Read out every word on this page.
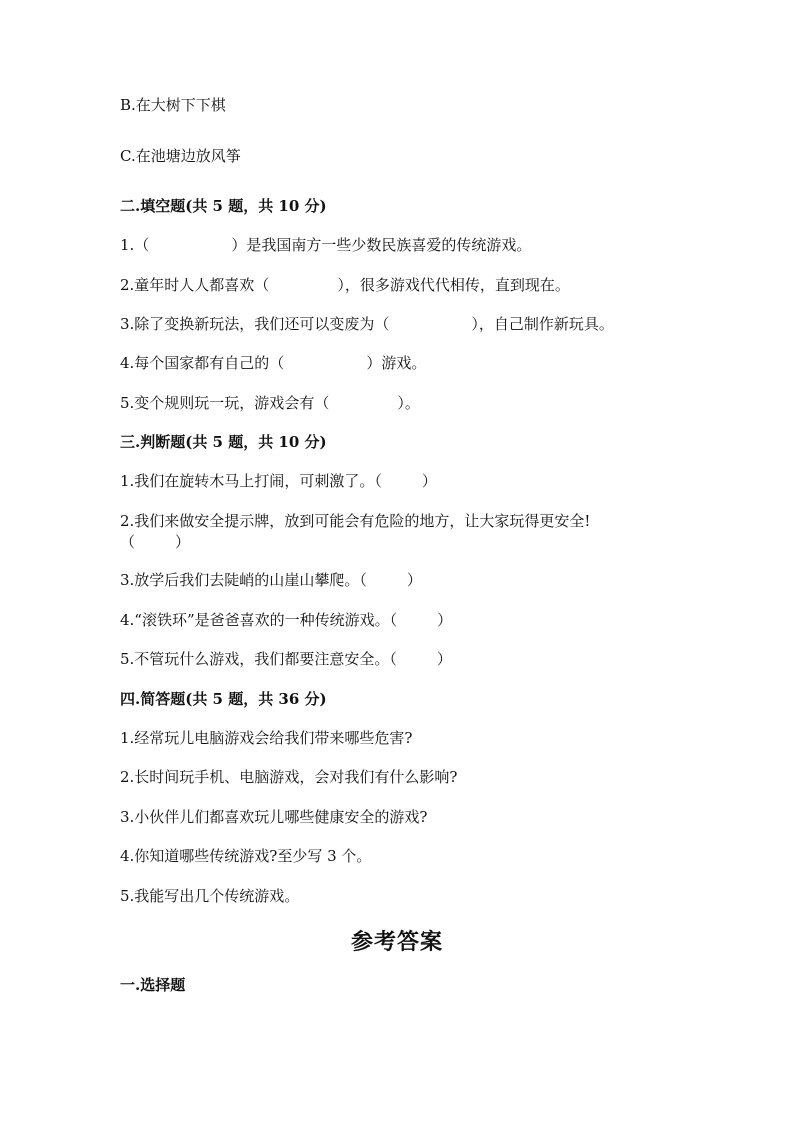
B.在大树下下棋
C.在池塘边放风筝
二.填空题(共 5 题，共 10 分)
1.（	）是我国南方一些少数民族喜爱的传统游戏。
2.童年时人人都喜欢（	），很多游戏代代相传，直到现在。
3.除了变换新玩法，我们还可以变废为（	），自己制作新玩具。
4.每个国家都有自己的（	）游戏。
5.变个规则玩一玩，游戏会有（	）。
三.判断题(共 5 题，共 10 分)
1.我们在旋转木马上打闹，可刺激了。（	）
2.我们来做安全提示牌，放到可能会有危险的地方，让大家玩得更安全!
（	）
3.放学后我们去陡峭的山崖山攀爬。（	）
4.“滚铁环”是爸爸喜欢的一种传统游戏。（	）
5.不管玩什么游戏，我们都要注意安全。（	）
四.简答题(共 5 题，共 36 分)
1.经常玩儿电脑游戏会给我们带来哪些危害?
2.长时间玩手机、电脑游戏，会对我们有什么影响?
3.小伙伴儿们都喜欢玩儿哪些健康安全的游戏?
4.你知道哪些传统游戏?至少写 3 个。
5.我能写出几个传统游戏。
参考答案
一.选择题
